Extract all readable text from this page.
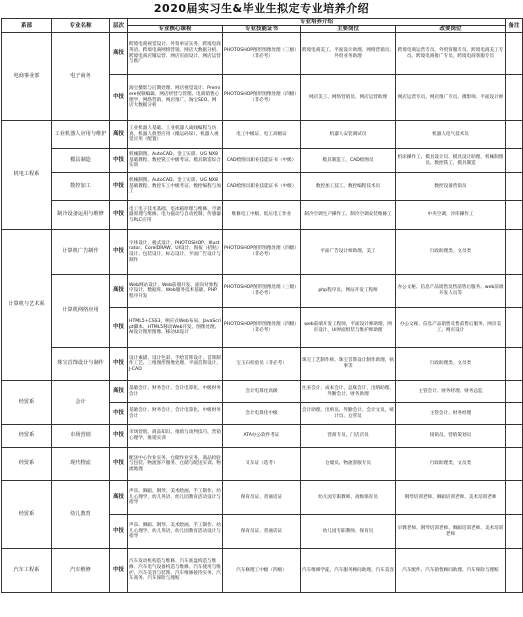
2020届实习生&毕业生拟定专业培养介绍
系部	专业名称	层次	专业培养介绍				备注
			专业核心课程	专业技能证书	主要岗位	改要岗位	
电商事业部	电子商务	高技	跨境电商视觉设计、外贸单证实务、跨境电商英语、跨境电商网络营销、网店大数据分析、跨境电商店铺运营、网店页面设计、网店运营与推广	PHOTOSHOP图形图像处理（三级）（非必考）	跨境电商美工、平面设计助理、网络营销员、外贸业务助理	跨境电商运营专员、外贸客服专员、跨境电商美工专员、跨境电商推广专员、跨境电商客服专员	
		中技	淘宝摄影与后期处理、网店视觉设计、Premiere视频编辑、网店经营与管理、电商销售心理学、网络营销、网店推广、淘宝SEO、网店大数据分析	PHOTOSHOP图形图像处理（四级）（非必考）	网店美工、网络营销员、网店运营助理	网店运营专员、网店推广专员、摄影师、平面设计师	
机电工程系	工业机器人应用与维护	高技	工业机器人基础、工业机器人离线编程与仿真、机器人典型应用（搬运码垛）、机器人视觉应用（配置）	电工中级证、电工高级证	机器人安装调试员	机器人电气技术员	
	模具制造	中技	机械制图、AutoCAD、金工实训、UG NX8基础教程、数控铣工中级考证、模具制造综合实训	CAD绘图员职业技能证书（中级）	模具制造工、CAD绘图员	机床操作工、模具设计员、模具设计助理、机械制图员、数控铣工、模具制造	
	数控加工	中技	机械制图、AutoCAD、金工实训、UG NX8基础教程、数控车工中级考证、数控编程与加工	CAD绘图员职业技能证书（中级）	数控加工技工、数控编程技术员	数控设备营销员	
	制冷设备运用与维修	中技	电工电子技术基础、电冰箱原理与维修、空调器原理与维修、电力拖动与自动控制、传感器与PLC应用	维修电工中级、低压电工作业	制冷空调生产操作工、制冷空调安装维修工	中央空调、冷库操作工	
计算机与艺术系	计算机广告制作	中技	字体设计、板式设计、PHOTOSHOP、Illustrator、CorelDRAW、UI设计、海报（招贴）设计、包装设计、标志设计、平面广告设计与制作	PHOTOSHOP图形图像处理（四级）（非必考）	平面广告设计师助理、美工	行政助理类、文员类	
	计算机网络应用	高技	Web网站设计、Web前端开发、面向对象程序设计、数据库、Web服务技术基础、PHP程序开发	PHOTOSHOP图形图像处理（三级）（非必考）	php程序员、网站开发工程师	办公文秘、信息产品销售及售前售后服务、web前端开发人员等	
		中技	HTML5+CSS3、响应式Web布局、JavaScript脚本、HTML5移动Web开发、图像处理、AI设计图形图像、移动UI设计	PHOTOSHOP图形图像处理（四级）（非必考）	web前端开发工程师、平面设计师助理、网页设计、UI界面组装与维护师助理	办公文秘、信息产品销售及售前售后服务、网页美工、网页设计	
	珠宝首饰设计与制作	中技	设计素描、设计色彩、手绘首饰设计、首饰制作工艺、三维图形图像处理、平面首饰设计、J-CAD	宝玉石检验员（非必考）	珠宝工艺制作师、珠宝首饰设计制作助理、执事等	行政助理类、文员类	
经贸系	会计	高技	基础会计、财务会计、会计电算化、中级财务会计	会计电算化高级	往来会计、成本会计、总账会计、出纳助理、外勤会计、财务助理	主管会计、财务经理、财务总监	
		中技	基础会计、财务会计、会计电算化、中级财务会计	会计电算化中级	会计助理、出纳员、外勤会计、会计文员、统计员、仓管员	主管会计、财务经理	
经贸系	市场营销	中技	市场营销、商品知识、推销与谈判技巧、营销心理学、推销实训	ATA办公软件考证	营商专员、门店店员	接销员、营销策划员	
经贸系	现代物流	中技	配送中心作业实务、仓储作业实务、商品检验与包装、物流客户服务、仓储与配送实训、物流地理	叉车证（选考）	仓储员、物流客服专员	行政助理类、文员类	
经贸系	幼儿教育	高技	声乐、舞蹈、钢琴、美术绘画、手工制作、幼儿心理学、幼儿英语、幼儿园教育活动设计与指导	保育员证、普通话证	幼儿园专职教师、高级保育员	钢琴培训老师、舞蹈培训老师、美术培训老师	
		中技	声乐、舞蹈、钢琴、美术绘画、手工制作、幼儿心理学、幼儿英语、幼儿园教育活动设计与指导	保育员证、普通话证	幼儿园专职教师、保育员	早教老师、钢琴培训老师、舞蹈培训老师、美术培训老师	
汽车工程系	汽车维修	中技	汽车发动机构造与维修、汽车底盘构造与维修、汽车电气设备构造与维修、汽车使用与维护、汽车美容与装饰、汽车维修接待实务、汽车商务、汽车保险与理赔	汽车修理工中级（四级）	汽车维修学徒、汽车服务顾问助理、汽车美容	汽车配件、汽车销售顾问助理、汽车保险与理赔	
